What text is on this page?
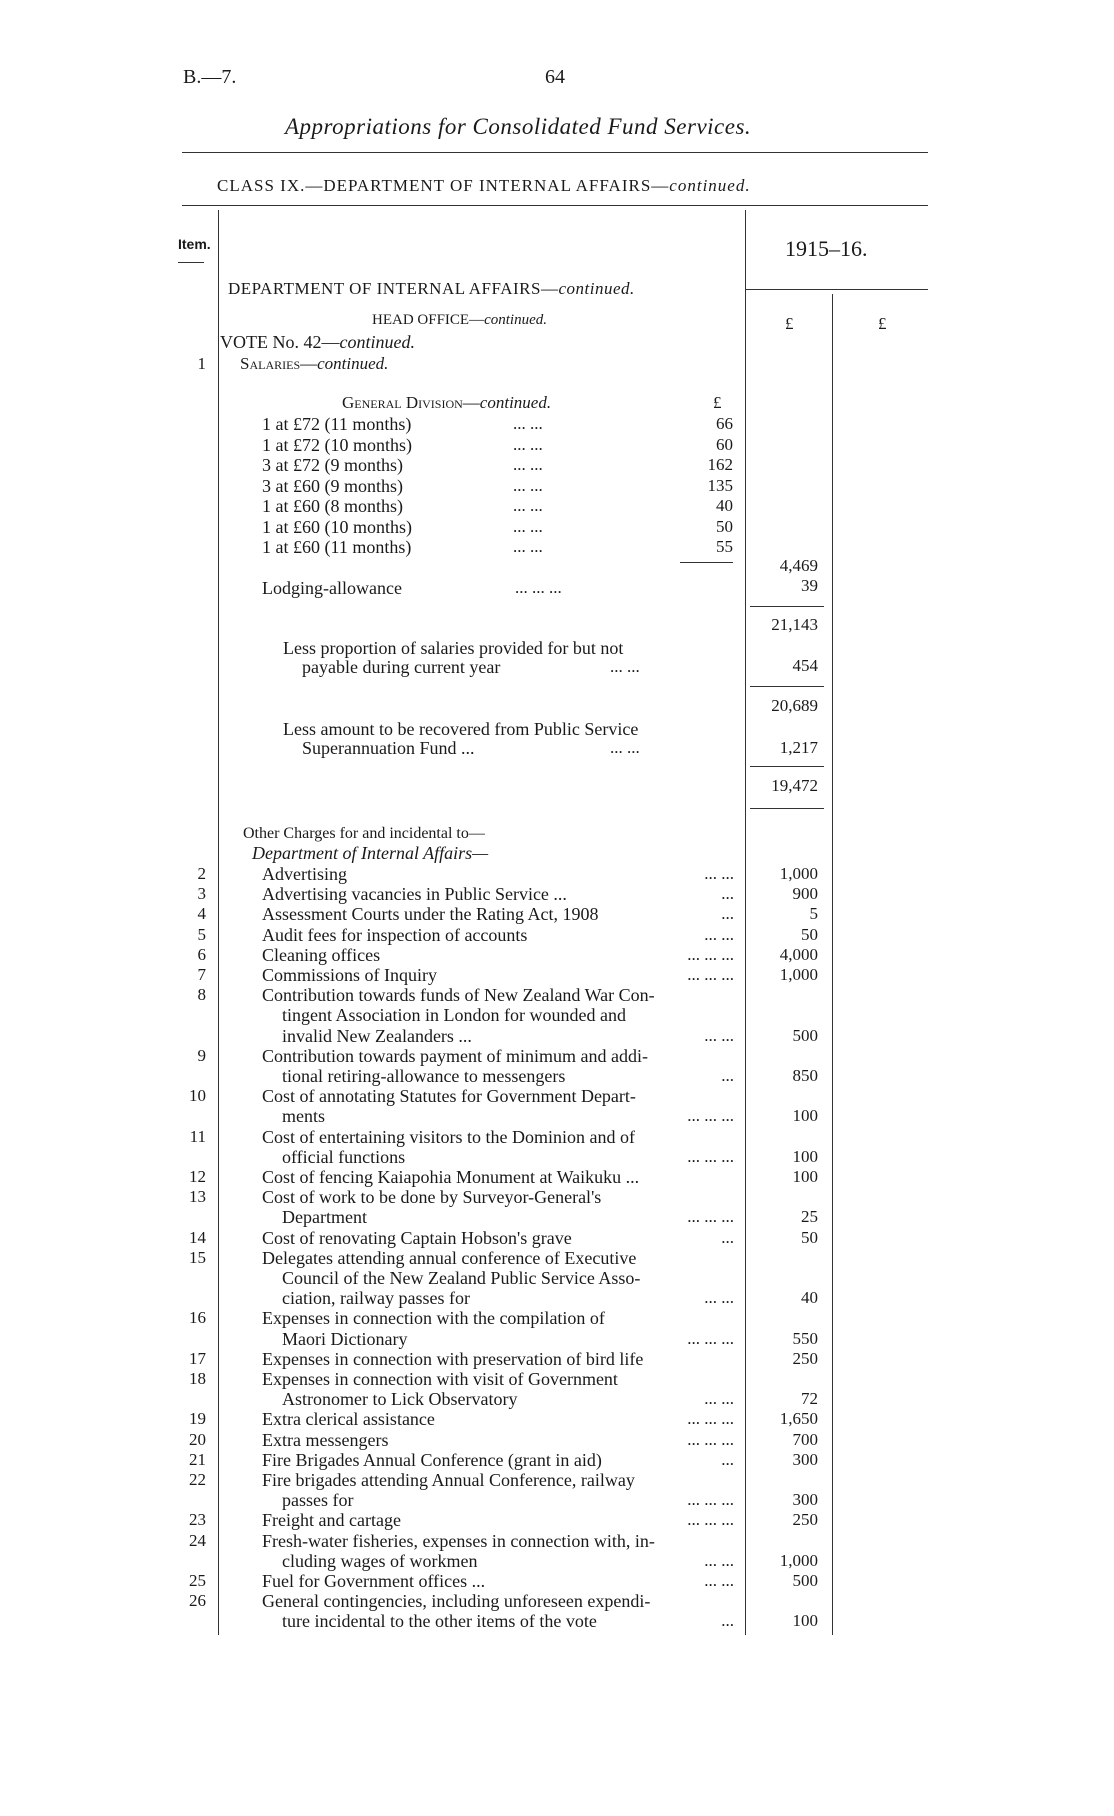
B.—7.	64
Appropriations for Consolidated Fund Services.
CLASS IX.—DEPARTMENT OF INTERNAL AFFAIRS—continued.
Item.	1915–16.
DEPARTMENT OF INTERNAL AFFAIRS—continued.
£	£
HEAD OFFICE—continued.
VOTE No. 42—continued.
1 Salaries—continued.
General Division—continued.	£
1 at £72 (11 months)	... ...	66
1 at £72 (10 months)	... ...	60
3 at £72 (9 months)	... ...	162
3 at £60 (9 months)	... ...	135
1 at £60 (8 months)	... ...	40
1 at £60 (10 months)	... ...	50
1 at £60 (11 months)	... ...	55
4,469
Lodging-allowance	... ... ...	39
21,143
Less proportion of salaries provided for but not
payable during current year	... ...	454
20,689
Less amount to be recovered from Public Service
Superannuation Fund ...	... ...	1,217
19,472
Other Charges for and incidental to—
Department of Internal Affairs—
2	Advertising	... ...	1,000
3	Advertising vacancies in Public Service ...	...	900
4	Assessment Courts under the Rating Act, 1908	...	5
5	Audit fees for inspection of accounts	... ...	50
6	Cleaning offices	... ... ...	4,000
7	Commissions of Inquiry	... ... ...	1,000
8	Contribution towards funds of New Zealand War Con-
tingent Association in London for wounded and
invalid New Zealanders ...	... ...	500
9	Contribution towards payment of minimum and addi-
tional retiring-allowance to messengers	...	850
10	Cost of annotating Statutes for Government Depart-
ments	... ... ...	100
11	Cost of entertaining visitors to the Dominion and of
official functions	... ... ...	100
12	Cost of fencing Kaiapohia Monument at Waikuku ...	100
13	Cost of work to be done by Surveyor-General's
Department	... ... ...	25
14	Cost of renovating Captain Hobson's grave	...	50
15	Delegates attending annual conference of Executive
Council of the New Zealand Public Service Asso-
ciation, railway passes for	... ...	40
16	Expenses in connection with the compilation of
Maori Dictionary	... ... ...	550
17	Expenses in connection with preservation of bird life	250
18	Expenses in connection with visit of Government
Astronomer to Lick Observatory	... ...	72
19	Extra clerical assistance	... ... ...	1,650
20	Extra messengers	... ... ...	700
21	Fire Brigades Annual Conference (grant in aid)	...	300
22	Fire brigades attending Annual Conference, railway
passes for	... ... ...	300
23	Freight and cartage	... ... ...	250
24	Fresh-water fisheries, expenses in connection with, in-
cluding wages of workmen	... ...	1,000
25	Fuel for Government offices ...	... ...	500
26	General contingencies, including unforeseen expendi-
ture incidental to the other items of the vote	...	100
